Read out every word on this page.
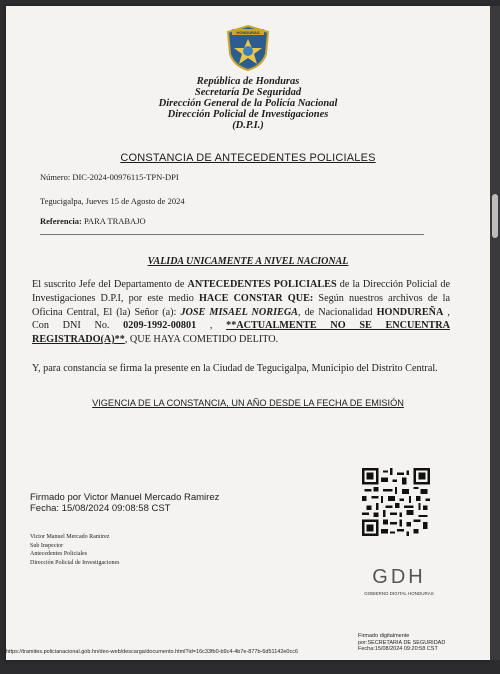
HONDURAS
República de Honduras
Secretaría De Seguridad
Dirección General de la Policía Nacional
Dirección Policial de Investigaciones
(D.P.I.)
CONSTANCIA DE ANTECEDENTES POLICIALES
Número: DIC-2024-00976115-TPN-DPI
Tegucigalpa, Jueves 15 de Agosto de 2024
Referencia: PARA TRABAJO
VALIDA UNICAMENTE A NIVEL NACIONAL
El suscrito Jefe del Departamento de ANTECEDENTES POLICIALES de la Dirección Policial de Investigaciones D.P.I, por este medio HACE CONSTAR QUE: Según nuestros archivos de la Oficina Central, El (la) Señor (a): JOSE MISAEL NORIEGA, de Nacionalidad HONDUREÑA , Con DNI No. 0209-1992-00801 , **ACTUALMENTE NO SE ENCUENTRA REGISTRADO(A)**, QUE HAYA COMETIDO DELITO.
Y, para constancia se firma la presente en la Ciudad de Tegucigalpa, Municipio del Distrito Central.
VIGENCIA DE LA CONSTANCIA, UN AÑO DESDE LA FECHA DE EMISIÓN
Firmado por Victor Manuel Mercado Ramirez
Fecha: 15/08/2024 09:08:58 CST
Victor Manuel Mercado Ramirez
Sub Inspector
Antecedentes Policiales
Dirección Policial de Investigaciones
GDH
GOBIERNO DIGITAL HONDURAS
Firmado digitalmente
por:SECRETARIA DE SEGURIDAD
Fecha:15/08/2024 09:20:58 CST
https://tramites.policianacional.gob.hn/deo-web/descarga/documento.html?id=16c33fb0-b9c4-4b7e-877b-6d51142e0cc6
